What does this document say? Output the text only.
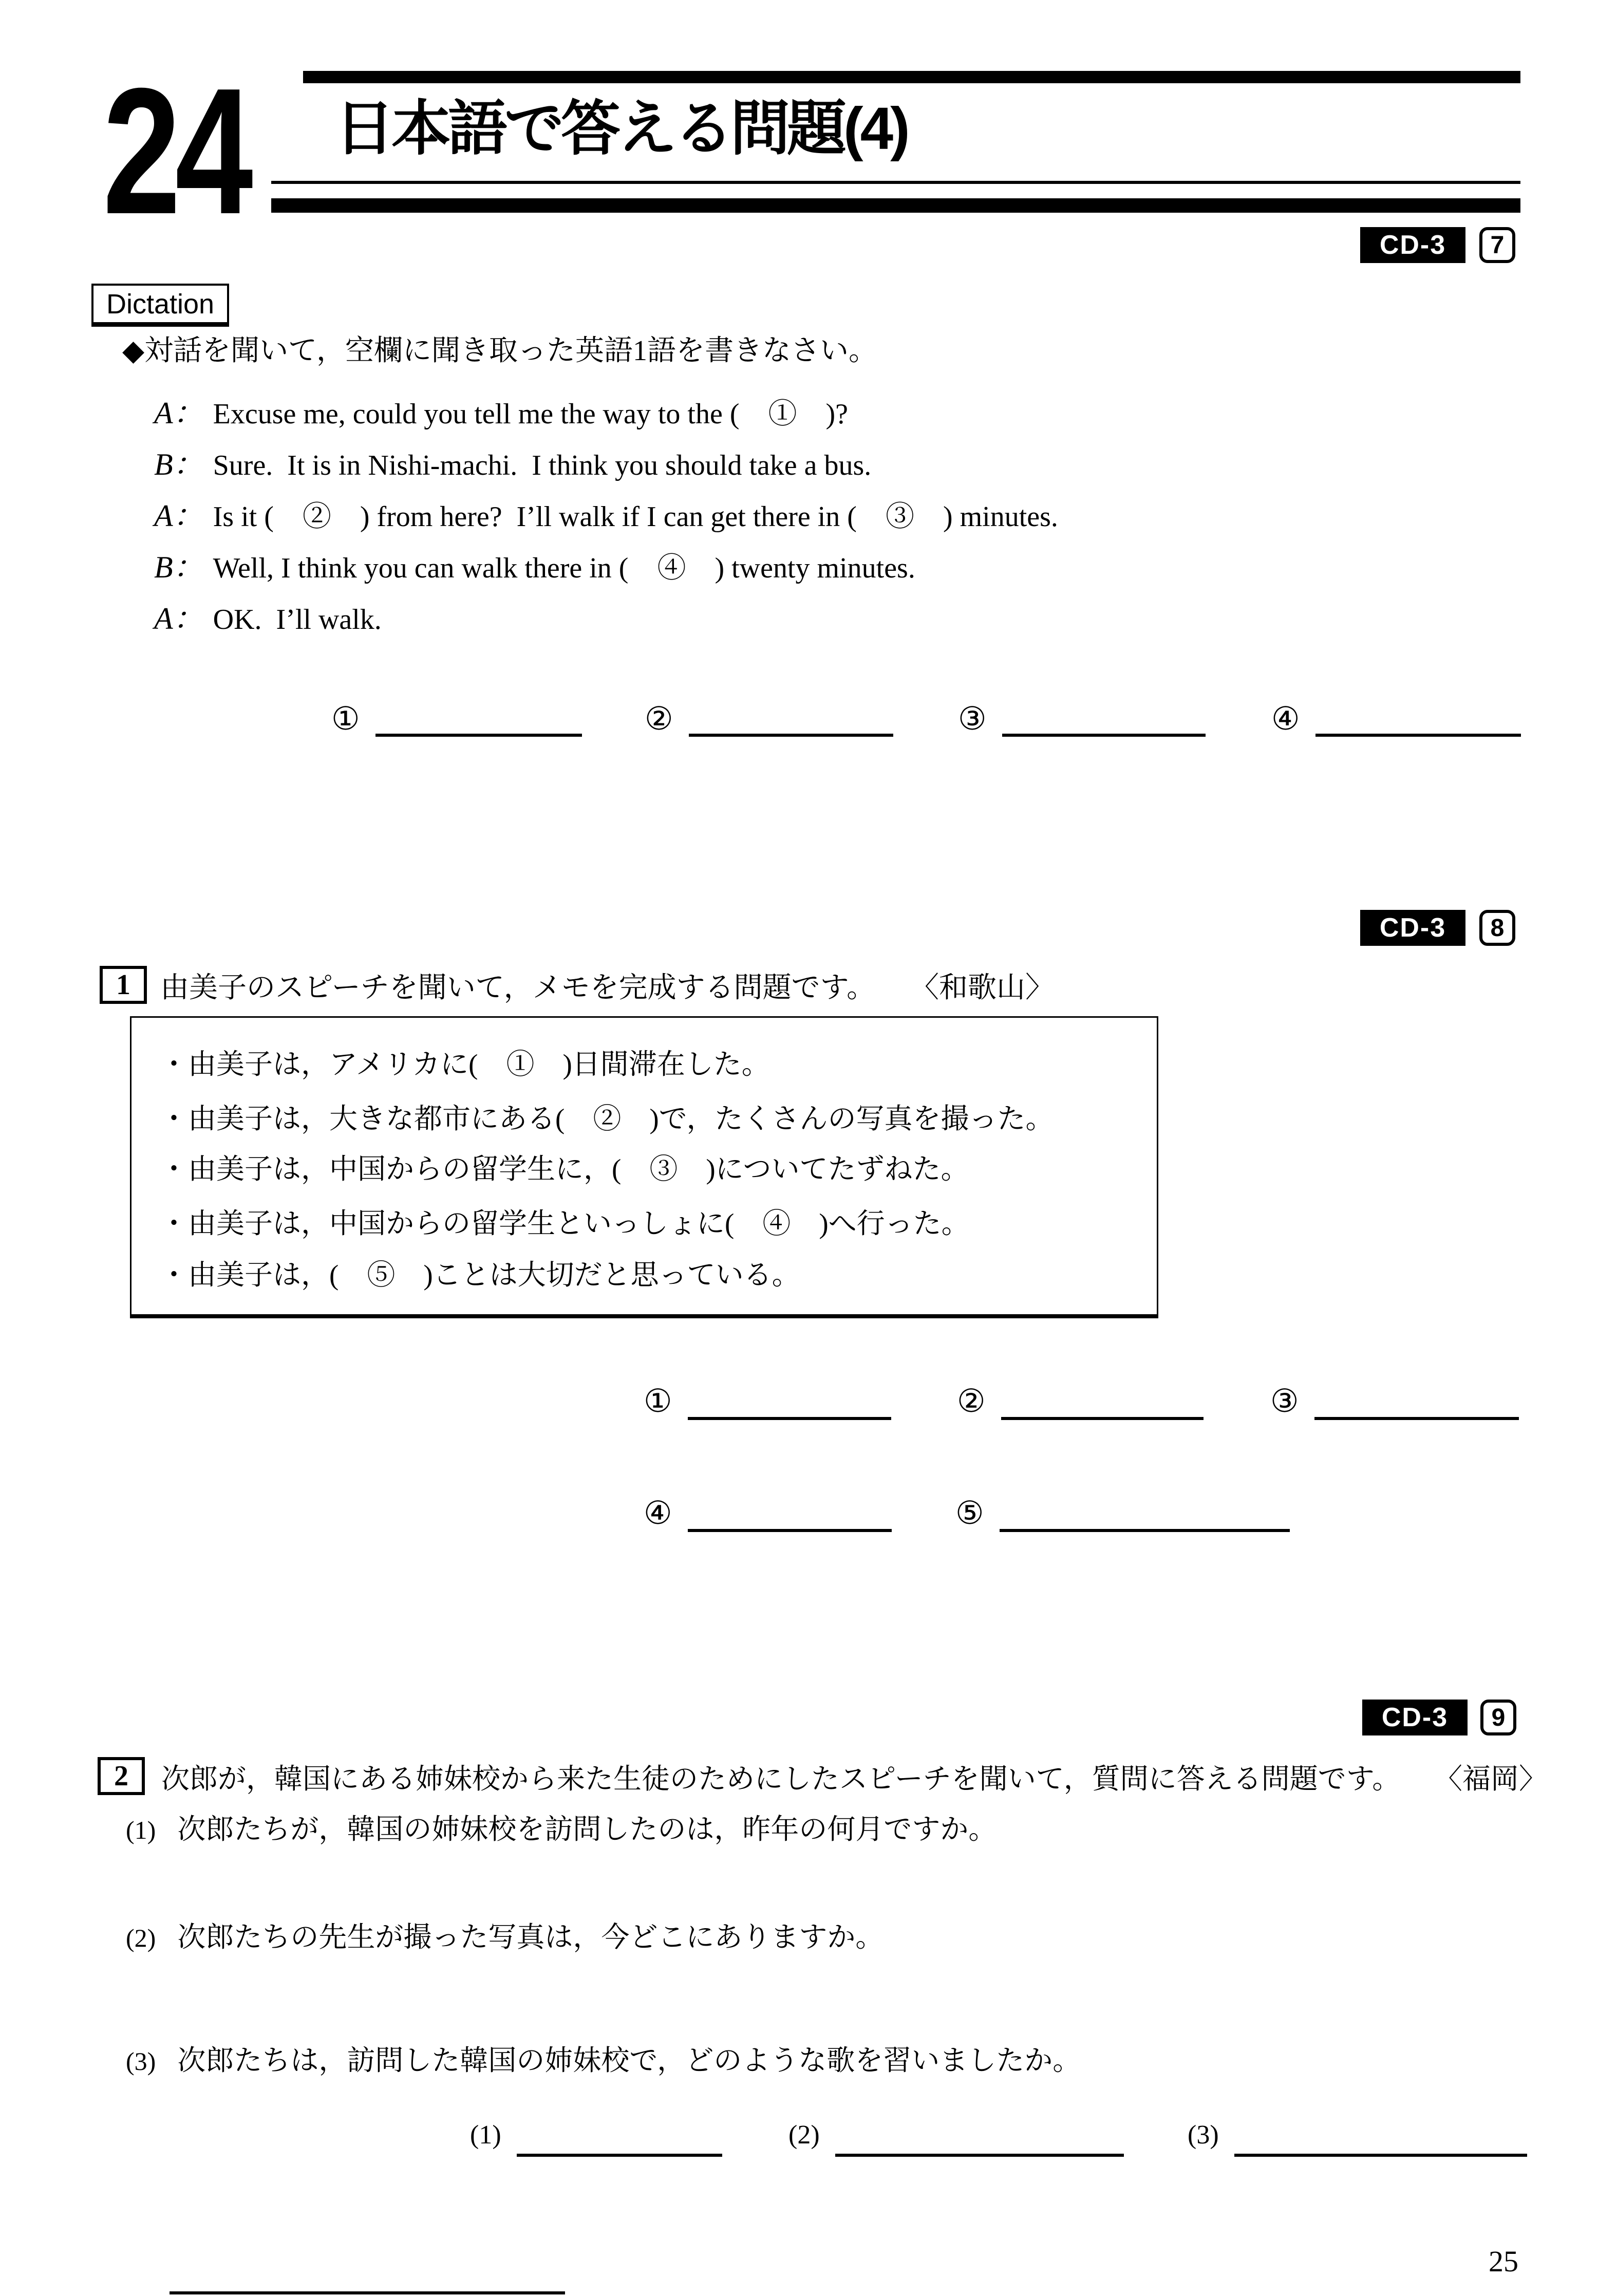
24 日本語で答える問題(4)
CD-3	7
Dictation
◆対話を聞いて，空欄に聞き取った英語1語を書きなさい。
A： Excuse me, could you tell me the way to the (　①　)?
B： Sure.  It is in Nishi-machi.  I think you should take a bus.
A： Is it (　②　) from here?  I’ll walk if I can get there in (　③　) minutes.
B： Well, I think you can walk there in (　④　) twenty minutes.
A： OK.  I’ll walk.
①	②	③	④
CD-3	8
1	由美子のスピーチを聞いて，メモを完成する問題です。 〈和歌山〉
・由美子は，アメリカに(　①　)日間滞在した。
・由美子は，大きな都市にある(　②　)で，たくさんの写真を撮った。
・由美子は，中国からの留学生に，(　③　)についてたずねた。
・由美子は，中国からの留学生といっしょに(　④　)へ行った。
・由美子は，(　⑤　)ことは大切だと思っている。
①	②	③
④	⑤
CD-3	9
2	次郎が，韓国にある姉妹校から来た生徒のためにしたスピーチを聞いて，質問に答える問題です。 〈福岡〉
(1) 次郎たちが，韓国の姉妹校を訪問したのは，昨年の何月ですか。
(2) 次郎たちの先生が撮った写真は，今どこにありますか。
(3) 次郎たちは，訪問した韓国の姉妹校で，どのような歌を習いましたか。
(1)	(2)	(3)
25
